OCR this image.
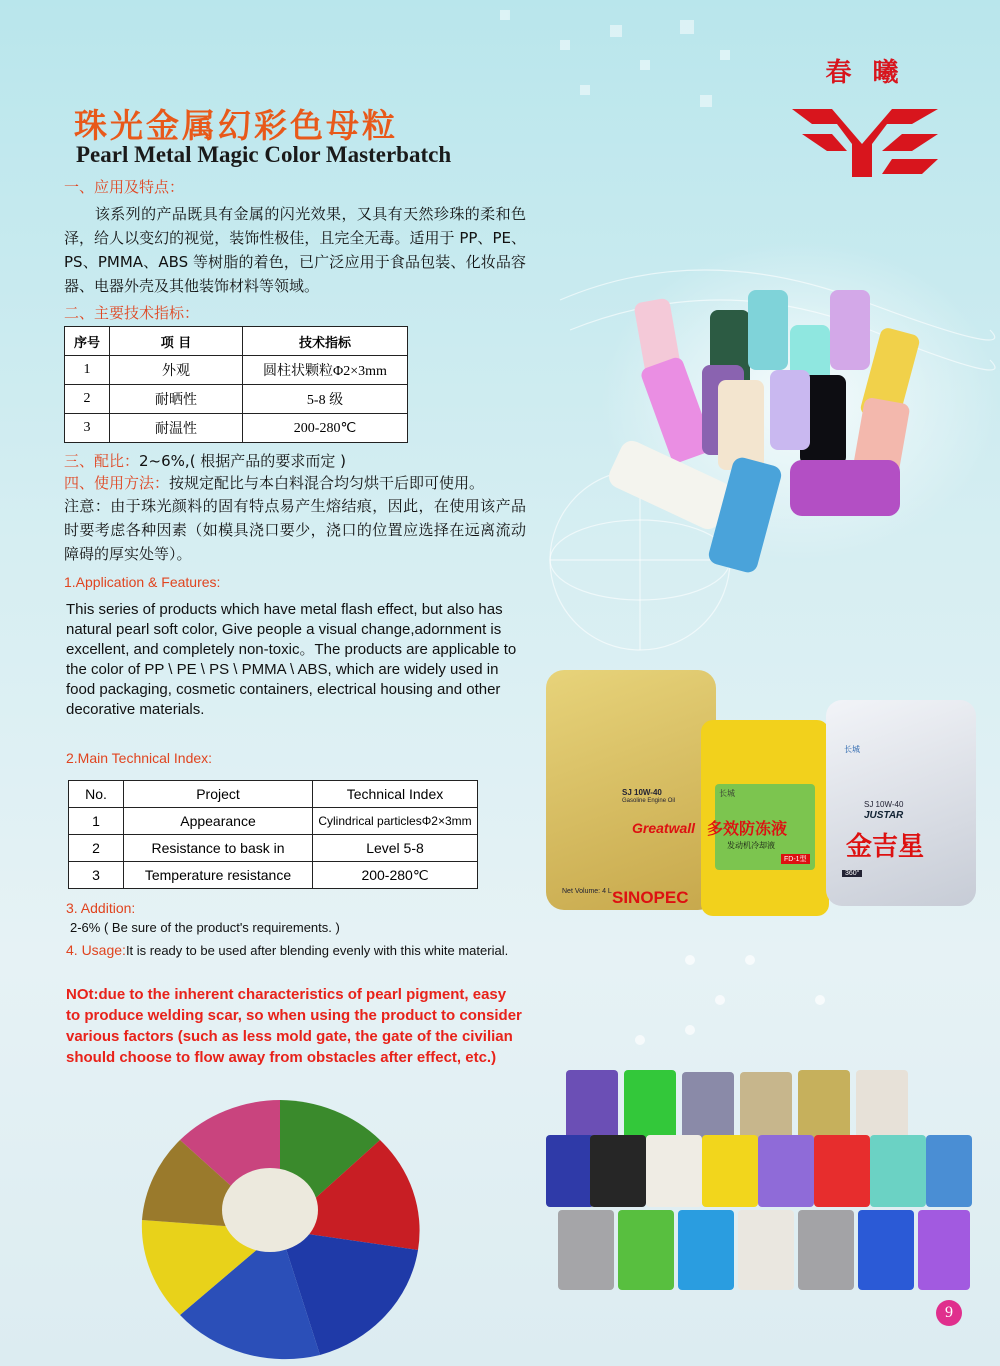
春 曦
珠光金属幻彩色母粒
Pearl Metal Magic Color Masterbatch
一、应用及特点：
　　该系列的产品既具有金属的闪光效果，又具有天然珍珠的柔和色泽，给人以变幻的视觉，装饰性极佳，且完全无毒。适用于 PP、PE、PS、PMMA、ABS 等树脂的着色，已广泛应用于食品包装、化妆品容器、电器外壳及其他装饰材料等领域。
二、主要技术指标：
序号	项 目	技术指标
1	外观	圆柱状颗粒Φ2×3mm
2	耐晒性	5-8 级
3	耐温性	200-280℃
三、配比：2~6%,( 根据产品的要求而定 )
四、使用方法：按规定配比与本白料混合均匀烘干后即可使用。
注意：由于珠光颜料的固有特点易产生熔结痕，因此，在使用该产品时要考虑各种因素（如模具浇口要少，浇口的位置应选择在远离流动障碍的厚实处等）。
1.Application & Features:
This series of products which have metal flash effect, but also has natural pearl soft color, Give people a visual change,adornment is excellent, and completely non-toxic。The products are applicable to the color of PP \ PE \ PS \ PMMA \ ABS, which are widely used in food packaging, cosmetic containers, electrical housing and other decorative materials.
2.Main Technical Index:
No.	Project	Technical Index
1	Appearance	Cylindrical particlesΦ2×3mm
2	Resistance to bask in	Level 5-8
3	Temperature resistance	200-280℃
3. Addition:
2-6% ( Be sure of the product's requirements. )
4. Usage:It is ready to be used after blending evenly with this white material.
NOt:due to the inherent characteristics of pearl pigment, easy to produce welding scar, so when using the product to consider various factors (such as less mold gate, the gate of the civilian should choose to flow away from obstacles after effect, etc.)
SJ 10W-40
Gasoline Engine Oil
Greatwall
Net Volume: 4 L SINOPEC
长城
多效防冻液
发动机冷却液
FD-1型
长城
SJ 10W-40
JUSTAR
金吉星
360°
9
